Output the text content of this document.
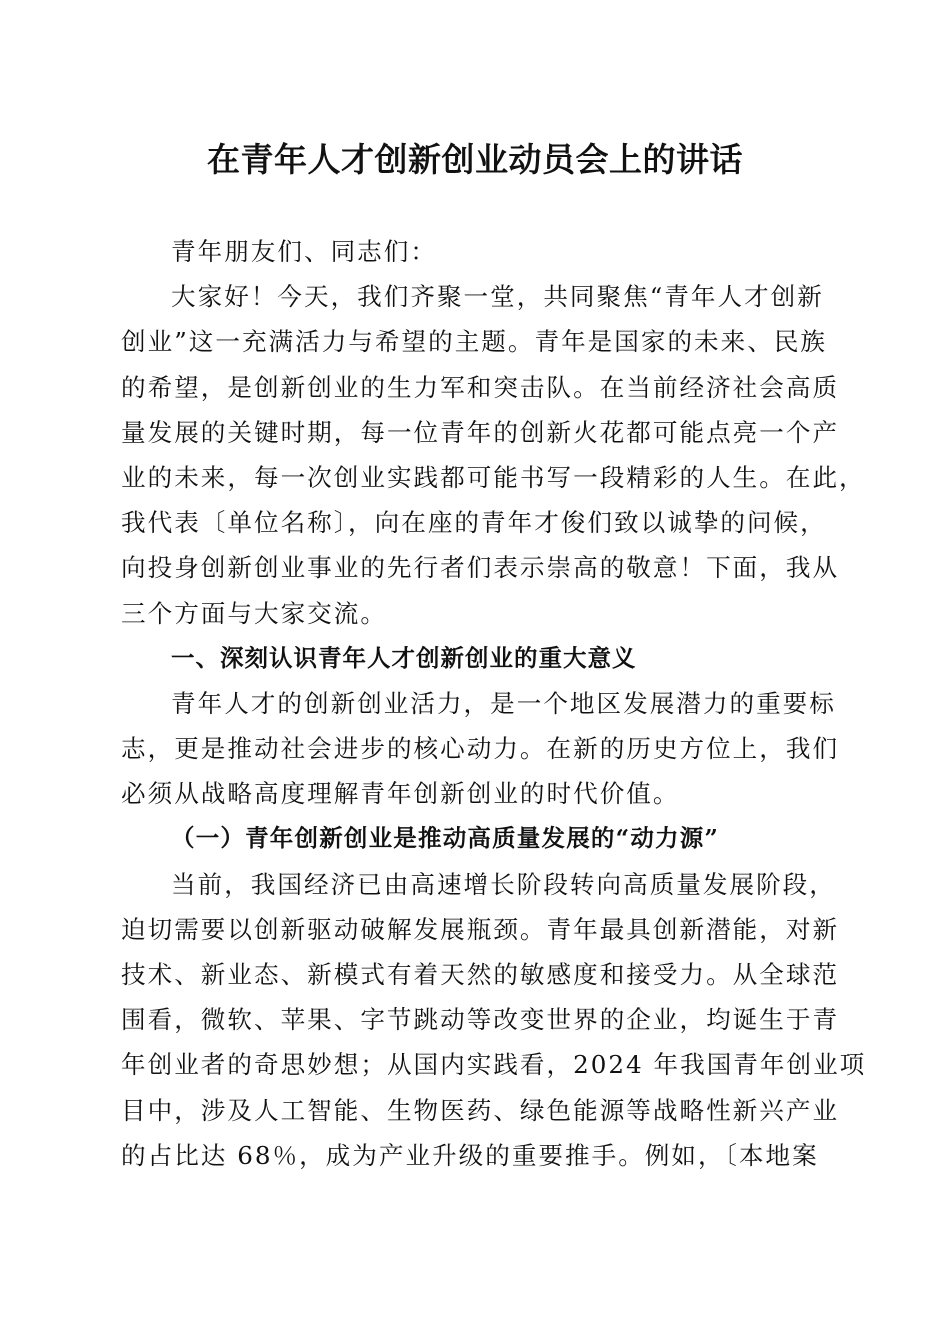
在青年人才创新创业动员会上的讲话
青年朋友们、同志们：
大家好！今天，我们齐聚一堂，共同聚焦“青年人才创新
创业”这一充满活力与希望的主题。青年是国家的未来、民族
的希望，是创新创业的生力军和突击队。在当前经济社会高质
量发展的关键时期，每一位青年的创新火花都可能点亮一个产
业的未来，每一次创业实践都可能书写一段精彩的人生。在此，
我代表〔单位名称〕，向在座的青年才俊们致以诚挚的问候，
向投身创新创业事业的先行者们表示崇高的敬意！下面，我从
三个方面与大家交流。
一、深刻认识青年人才创新创业的重大意义
青年人才的创新创业活力，是一个地区发展潜力的重要标
志，更是推动社会进步的核心动力。在新的历史方位上，我们
必须从战略高度理解青年创新创业的时代价值。
（一）青年创新创业是推动高质量发展的“动力源”
当前，我国经济已由高速增长阶段转向高质量发展阶段，
迫切需要以创新驱动破解发展瓶颈。青年最具创新潜能，对新
技术、新业态、新模式有着天然的敏感度和接受力。从全球范
围看，微软、苹果、字节跳动等改变世界的企业，均诞生于青
年创业者的奇思妙想；从国内实践看，2024 年我国青年创业项
目中，涉及人工智能、生物医药、绿色能源等战略性新兴产业
的占比达 68％，成为产业升级的重要推手。例如，〔本地案
